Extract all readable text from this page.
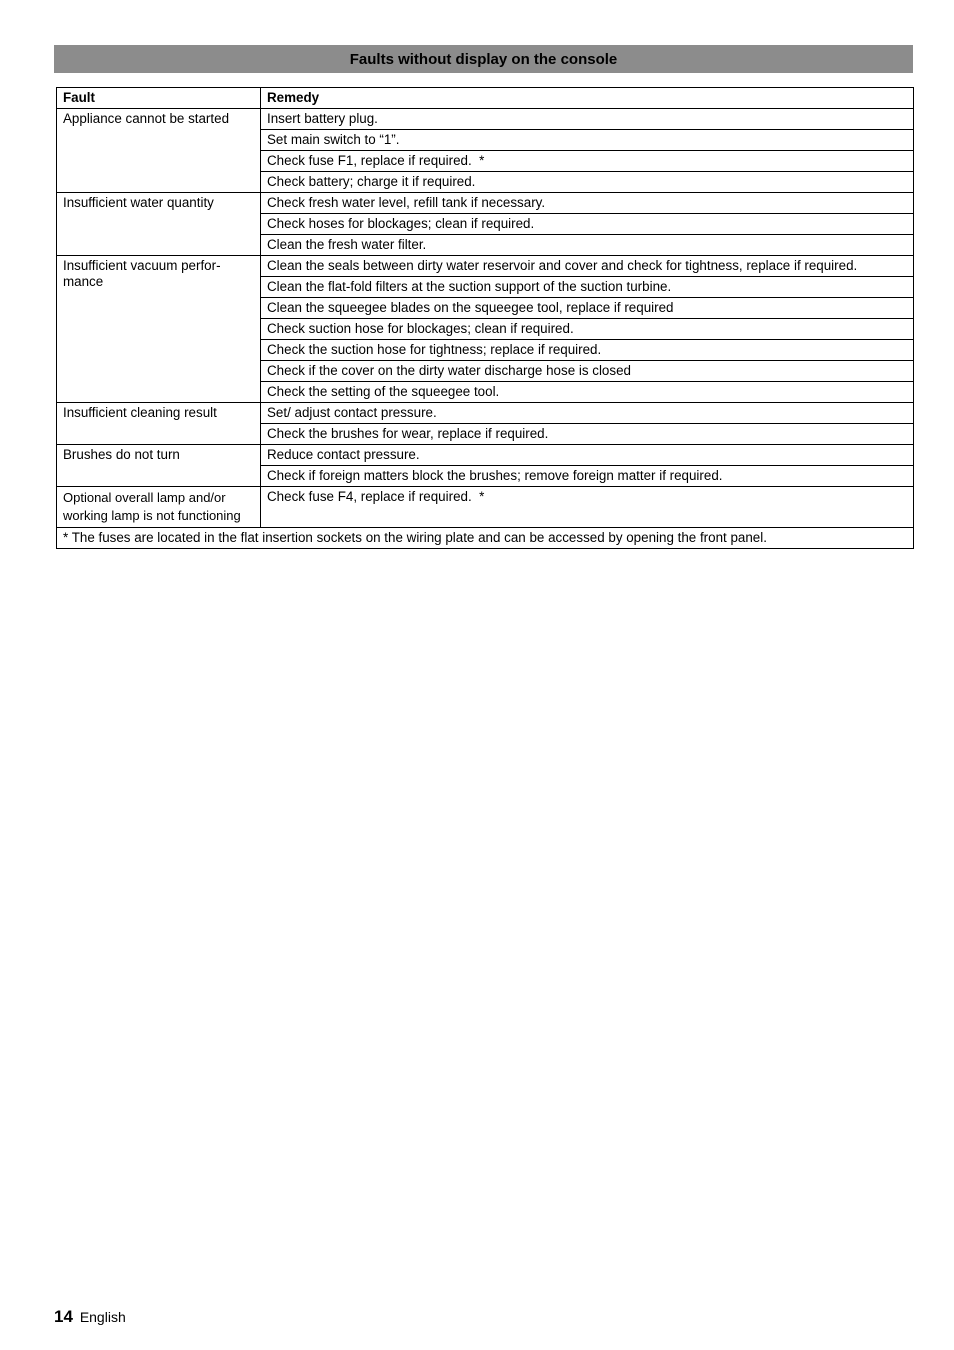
Faults without display on the console
Fault	Remedy
Appliance cannot be started	Insert battery plug.
	Set main switch to “1”.
	Check fuse F1, replace if required.  *
	Check battery; charge it if required.
Insufficient water quantity	Check fresh water level, refill tank if necessary.
	Check hoses for blockages; clean if required.
	Clean the fresh water filter.
Insufficient vacuum perfor-
mance	Clean the seals between dirty water reservoir and cover and check for tightness, replace if required.
	Clean the flat-fold filters at the suction support of the suction turbine.
	Clean the squeegee blades on the squeegee tool, replace if required
	Check suction hose for blockages; clean if required.
	Check the suction hose for tightness; replace if required.
	Check if the cover on the dirty water discharge hose is closed
	Check the setting of the squeegee tool.
Insufficient cleaning result	Set/ adjust contact pressure.
	Check the brushes for wear, replace if required.
Brushes do not turn	Reduce contact pressure.
	Check if foreign matters block the brushes; remove foreign matter if required.
Optional overall lamp and/or working lamp is not functioning	Check fuse F4, replace if required.  *
* The fuses are located in the flat insertion sockets on the wiring plate and can be accessed by opening the front panel.	
14 English
